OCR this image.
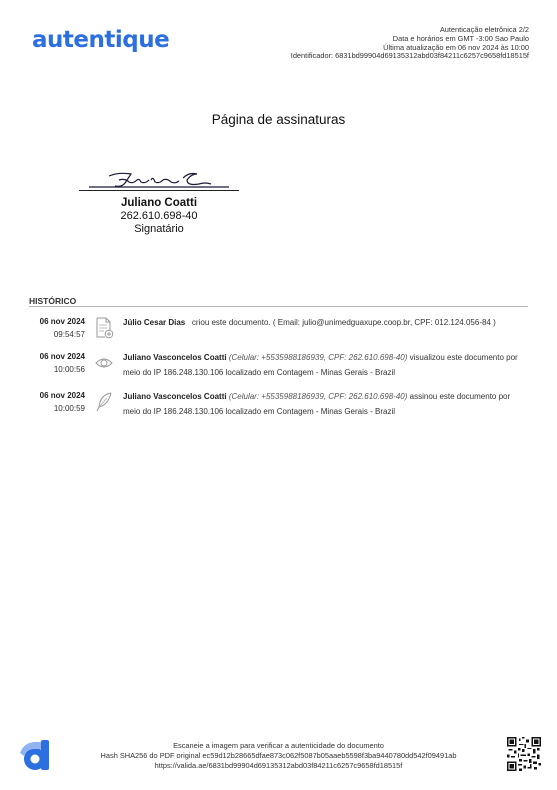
autentique	Autenticação eletrônica 2/2
Data e horários em GMT -3:00 Sao Paulo
Última atualização em 06 nov 2024 às 10:00
Identificador: 6831bd99904d69135312abd03f84211c6257c9658fd18515f
Página de assinaturas
Juliano Coatti
262.610.698-40
Signatário
HISTÓRICO
06 nov 2024
09:54:57
Júlio Cesar Dias criou este documento. ( Email: julio@unimedguaxupe.coop.br, CPF: 012.124.056-84 )
06 nov 2024
10:00:56
Juliano Vasconcelos Coatti (Celular: +5535988186939, CPF: 262.610.698-40) visualizou este documento por meio do IP 186.248.130.106 localizado em Contagem - Minas Gerais - Brazil
06 nov 2024
10:00:59
Juliano Vasconcelos Coatti (Celular: +5535988186939, CPF: 262.610.698-40) assinou este documento por meio do IP 186.248.130.106 localizado em Contagem - Minas Gerais - Brazil
Escaneie a imagem para verificar a autenticidade do documento
Hash SHA256 do PDF original ec59d12b28665dfae873c062f5087b05aaeb5598f3ba9440780dd542f09491ab
https://valida.ae/6831bd99904d69135312abd03f84211c6257c9658fd18515f
